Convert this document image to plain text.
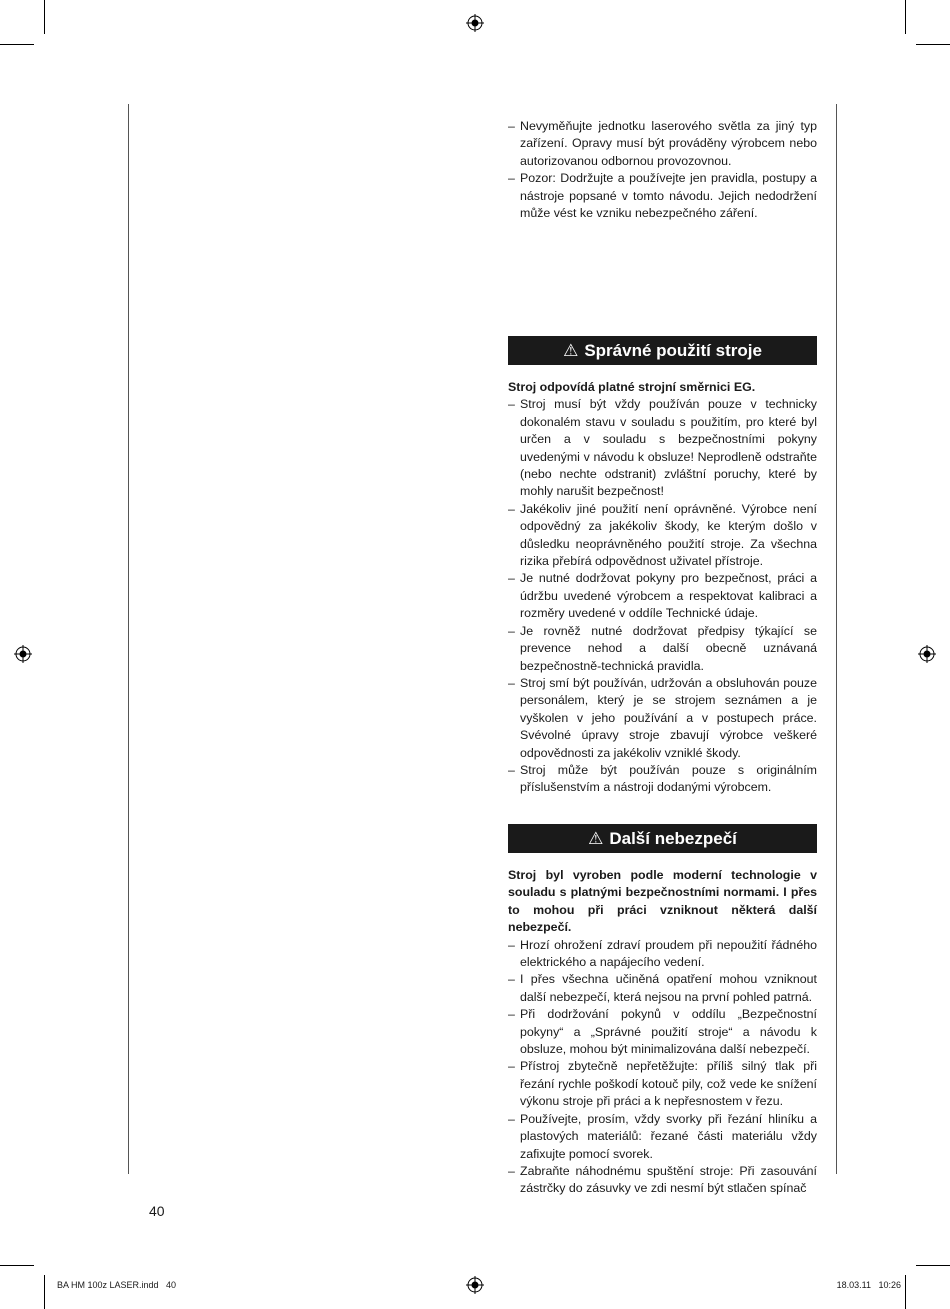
– Nevyměňujte jednotku laserového světla za jiný typ zařízení. Opravy musí být prováděny výrobcem nebo autorizovanou odbornou provozovnou.
– Pozor: Dodržujte a používejte jen pravidla, postupy a nástroje popsané v tomto návodu. Jejich nedodržení může vést ke vzniku nebezpečného záření.
⚠ Správné použití stroje
Stroj odpovídá platné strojní směrnici EG.
– Stroj musí být vždy používán pouze v technicky dokonalém stavu v souladu s použitím, pro které byl určen a v souladu s bezpečnostními pokyny uvedenými v návodu k obsluze! Neprodleně odstraňte (nebo nechte odstranit) zvláštní poruchy, které by mohly narušit bezpečnost!
– Jakékoliv jiné použití není oprávněné. Výrobce není odpovědný za jakékoliv škody, ke kterým došlo v důsledku neoprávněného použití stroje. Za všechna rizika přebírá odpovědnost uživatel přístroje.
– Je nutné dodržovat pokyny pro bezpečnost, práci a údržbu uvedené výrobcem a respektovat kalibraci a rozměry uvedené v oddíle Technické údaje.
– Je rovněž nutné dodržovat předpisy týkající se prevence nehod a další obecně uznávaná bezpečnostně-technická pravidla.
– Stroj smí být používán, udržován a obsluhován pouze personálem, který je se strojem seznámen a je vyškolen v jeho používání a v postupech práce. Svévolné úpravy stroje zbavují výrobce veškeré odpovědnosti za jakékoliv vzniklé škody.
– Stroj může být používán pouze s originálním příslušenstvím a nástroji dodanými výrobcem.
⚠ Další nebezpečí
Stroj byl vyroben podle moderní technologie v souladu s platnými bezpečnostními normami. I přes to mohou při práci vzniknout některá další nebezpečí.
– Hrozí ohrožení zdraví proudem při nepoužití řádného elektrického a napájecího vedení.
– I přes všechna učiněná opatření mohou vzniknout další nebezpečí, která nejsou na první pohled patrná.
– Při dodržování pokynů v oddílu „Bezpečnostní pokyny“ a „Správné použití stroje“ a návodu k obsluze, mohou být minimalizována další nebezpečí.
– Přístroj zbytečně nepřetěžujte: příliš silný tlak při řezání rychle poškodí kotouč pily, což vede ke snížení výkonu stroje při práci a k nepřesnostem v řezu.
– Používejte, prosím, vždy svorky při řezání hliníku a plastových materiálů: řezané části materiálu vždy zafixujte pomocí svorek.
– Zabraňte náhodnému spuštění stroje: Při zasouvání zástrčky do zásuvky ve zdi nesmí být stlačen spínač
40
BA HM 100z LASER.indd   40	18.03.11   10:26
